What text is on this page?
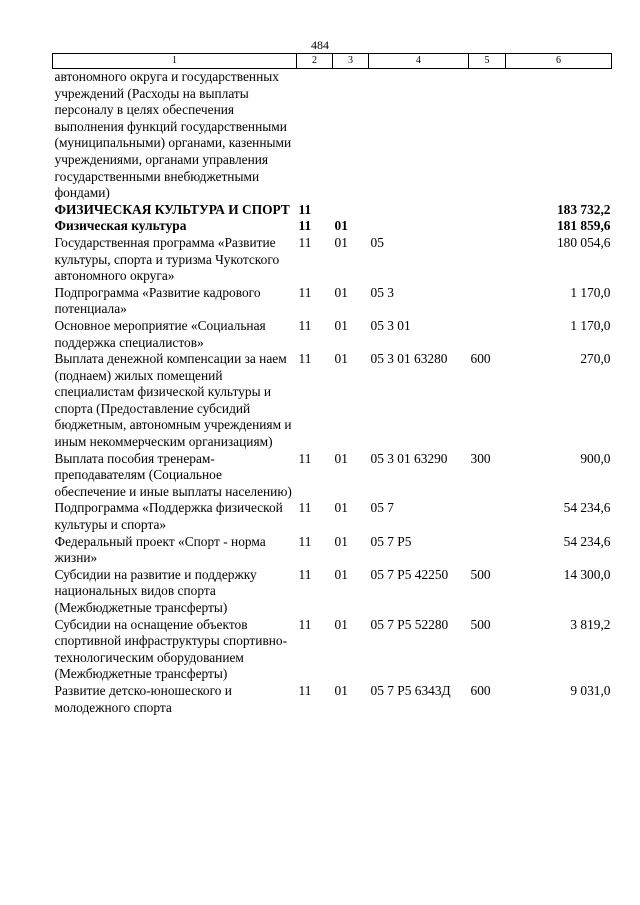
484
1	2	3	4	5	6
автономного округа и государственных учреждений (Расходы на выплаты персоналу в целях обеспечения выполнения функций государственными (муниципальными) органами, казенными учреждениями, органами управления государственными внебюджетными фондами)					
ФИЗИЧЕСКАЯ КУЛЬТУРА И СПОРТ	11				183 732,2
Физическая культура	11	01			181 859,6
Государственная программа «Развитие культуры, спорта и туризма Чукотского автономного округа»	11	01	05		180 054,6
Подпрограмма «Развитие кадрового потенциала»	11	01	05 3		1 170,0
Основное мероприятие «Социальная поддержка специалистов»	11	01	05 3 01		1 170,0
Выплата денежной компенсации за наем (поднаем) жилых помещений специалистам физической культуры и спорта (Предоставление субсидий бюджетным, автономным учреждениям и иным некоммерческим организациям)	11	01	05 3 01 63280	600	270,0
Выплата пособия тренерам-преподавателям (Социальное обеспечение и иные выплаты населению)	11	01	05 3 01 63290	300	900,0
Подпрограмма «Поддержка физической культуры и спорта»	11	01	05 7		54 234,6
Федеральный проект «Спорт - норма жизни»	11	01	05 7 P5		54 234,6
Субсидии на развитие и поддержку национальных видов спорта (Межбюджетные трансферты)	11	01	05 7 P5 42250	500	14 300,0
Субсидии на оснащение объектов спортивной инфраструктуры спортивно-технологическим оборудованием (Межбюджетные трансферты)	11	01	05 7 P5 52280	500	3 819,2
Развитие детско-юношеского и молодежного спорта	11	01	05 7 P5 6343Д	600	9 031,0
